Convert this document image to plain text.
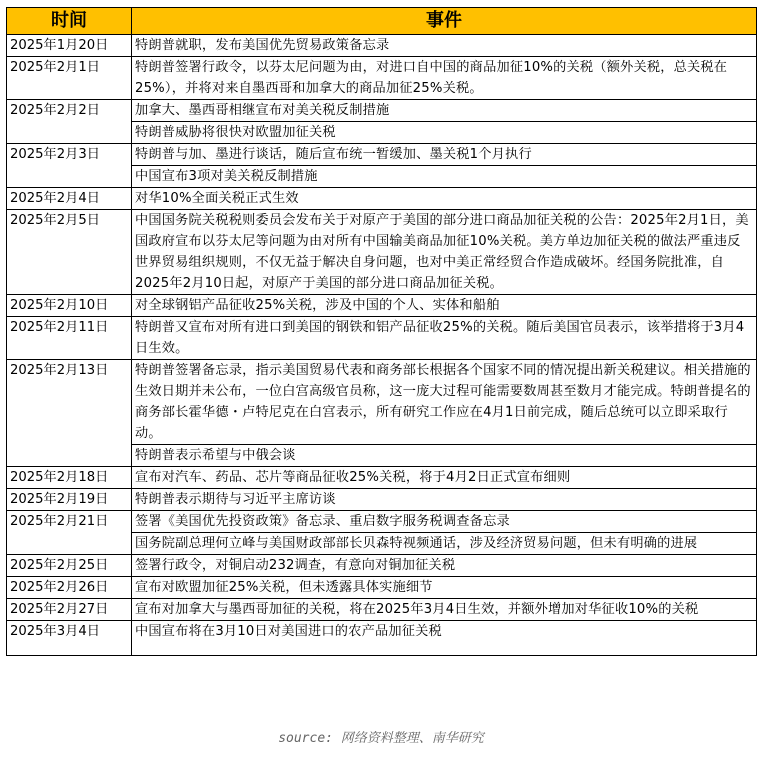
时间	事件
2025年1月20日	特朗普就职，发布美国优先贸易政策备忘录
2025年2月1日	特朗普签署行政令，以芬太尼问题为由，对进口自中国的商品加征10%的关税（额外关税，总关税在25%），并将对来自墨西哥和加拿大的商品加征25%关税。
2025年2月2日	加拿大、墨西哥相继宣布对美关税反制措施
	特朗普威胁将很快对欧盟加征关税
2025年2月3日	特朗普与加、墨进行谈话，随后宣布统一暂缓加、墨关税1个月执行
	中国宣布3项对美关税反制措施
2025年2月4日	对华10%全面关税正式生效
2025年2月5日	中国国务院关税税则委员会发布关于对原产于美国的部分进口商品加征关税的公告：2025年2月1日，美国政府宣布以芬太尼等问题为由对所有中国输美商品加征10%关税。美方单边加征关税的做法严重违反世界贸易组织规则，不仅无益于解决自身问题，也对中美正常经贸合作造成破坏。经国务院批准，自2025年2月10日起，对原产于美国的部分进口商品加征关税。
2025年2月10日	对全球钢铝产品征收25%关税，涉及中国的个人、实体和船舶
2025年2月11日	特朗普又宣布对所有进口到美国的钢铁和铝产品征收25%的关税。随后美国官员表示，该举措将于3月4日生效。
2025年2月13日	特朗普签署备忘录，指示美国贸易代表和商务部长根据各个国家不同的情况提出新关税建议。相关措施的生效日期并未公布，一位白宫高级官员称，这一庞大过程可能需要数周甚至数月才能完成。特朗普提名的商务部长霍华德・卢特尼克在白宫表示，所有研究工作应在4月1日前完成，随后总统可以立即采取行动。
	特朗普表示希望与中俄会谈
2025年2月18日	宣布对汽车、药品、芯片等商品征收25%关税，将于4月2日正式宣布细则
2025年2月19日	特朗普表示期待与习近平主席访谈
2025年2月21日	签署《美国优先投资政策》备忘录、重启数字服务税调查备忘录
	国务院副总理何立峰与美国财政部部长贝森特视频通话，涉及经济贸易问题，但未有明确的进展
2025年2月25日	签署行政令，对铜启动232调查，有意向对铜加征关税
2025年2月26日	宣布对欧盟加征25%关税，但未透露具体实施细节
2025年2月27日	宣布对加拿大与墨西哥加征的关税，将在2025年3月4日生效，并额外增加对华征收10%的关税
2025年3月4日	中国宣布将在3月10日对美国进口的农产品加征关税
source: 网络资料整理、南华研究
